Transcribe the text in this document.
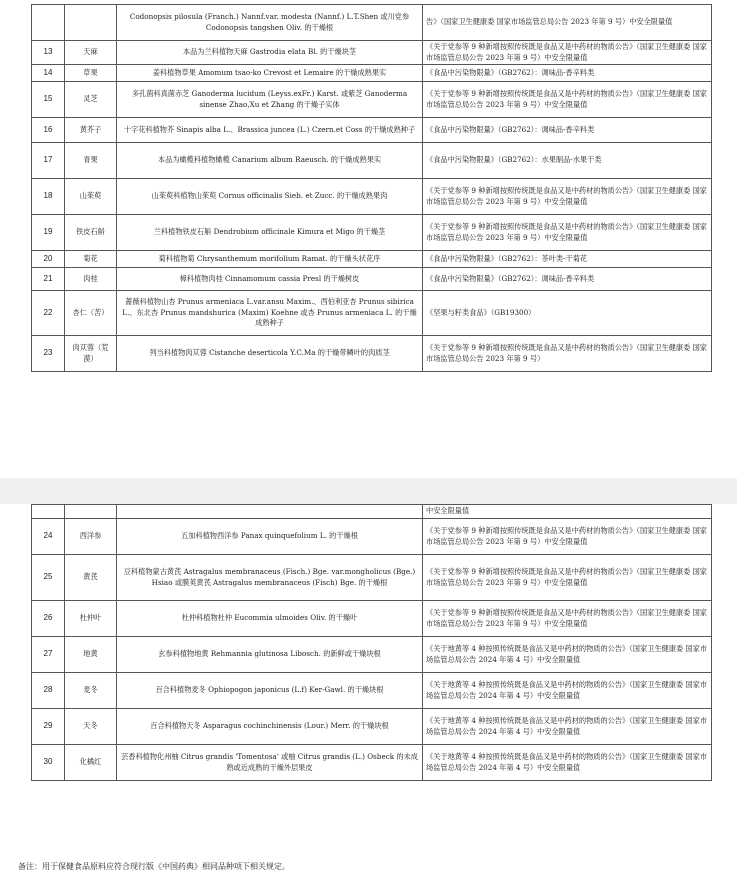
		Codonopsis pilosula (Franch.) Nannf.var. modesta (Nannf.) L.T.Shen 或川党参 Codonopsis tangshen Oliv. 的干燥根	告》（国家卫生健康委 国家市场监管总局公告 2023 年第 9 号）中安全限量值
13	天麻	本品为兰科植物天麻 Gastrodia elata Bl. 的干燥块茎	《关于党参等 9 种新增按照传统既是食品又是中药材的物质公告》（国家卫生健康委 国家市场监管总局公告 2023 年第 9 号）中安全限量值
14	草果	姜科植物草果 Amomum tsao-ko Crevost et Lemaire 的干燥成熟果实	《食品中污染物限量》（GB2762）：调味品-香辛料类
15	灵芝	多孔菌科真菌赤芝 Ganoderma lucidum (Leyss.exFr.) Karst. 或紫芝 Ganoderma sinense Zhao,Xu et Zhang 的干燥子实体	《关于党参等 9 种新增按照传统既是食品又是中药材的物质公告》（国家卫生健康委 国家市场监管总局公告 2023 年第 9 号）中安全限量值
16	黄芥子	十字花科植物芥 Sinapis alba L.、Brassica juncea (L.) Czern.et Coss 的干燥成熟种子	《食品中污染物限量》（GB2762）：调味品-香辛料类
17	青果	本品为橄榄科植物橄榄 Canarium album Raeusch. 的干燥成熟果实	《食品中污染物限量》（GB2762）：水果制品-水果干类
18	山茱萸	山茱萸科植物山茱萸 Cornus officinalis Sieb. et Zucc. 的干燥成熟果肉	《关于党参等 9 种新增按照传统既是食品又是中药材的物质公告》（国家卫生健康委 国家市场监管总局公告 2023 年第 9 号）中安全限量值
19	铁皮石斛	兰科植物铁皮石斛 Dendrobium officinale Kimura et Migo 的干燥茎	《关于党参等 9 种新增按照传统既是食品又是中药材的物质公告》（国家卫生健康委 国家市场监管总局公告 2023 年第 9 号）中安全限量值
20	菊花	菊科植物菊 Chrysanthemum morifolium Ramat. 的干燥头状花序	《食品中污染物限量》（GB2762）：茶叶类-干菊花
21	肉桂	樟科植物肉桂 Cinnamomum cassia Presl 的干燥树皮	《食品中污染物限量》（GB2762）：调味品-香辛料类
22	杏仁（苦）	蔷薇科植物山杏 Prunus armeniaca L.var.ansu Maxim.、西伯利亚杏 Prunus sibirica L.、东北杏 Prunus mandshurica (Maxim) Koehne 或杏 Prunus armeniaca L. 的干燥成熟种子	《坚果与籽类食品》（GB19300）
23	肉苁蓉（荒漠）	列当科植物肉苁蓉 Cistanche deserticola Y.C.Ma 的干燥带鳞叶的肉质茎	《关于党参等 9 种新增按照传统既是食品又是中药材的物质公告》（国家卫生健康委 国家市场监管总局公告 2023 年第 9 号）
			中安全限量值
24	西洋参	五加科植物西洋参 Panax quinquefolium L. 的干燥根	《关于党参等 9 种新增按照传统既是食品又是中药材的物质公告》（国家卫生健康委 国家市场监管总局公告 2023 年第 9 号）中安全限量值
25	黄芪	豆科植物蒙古黄芪 Astragalus membranaceus (Fisch.) Bge. var.mongholicus (Bge.) Hsiao 或膜荚黄芪 Astragalus membranaceus (Fisch) Bge. 的干燥根	《关于党参等 9 种新增按照传统既是食品又是中药材的物质公告》（国家卫生健康委 国家市场监管总局公告 2023 年第 9 号）中安全限量值
26	杜仲叶	杜仲科植物杜仲 Eucommia ulmoides Oliv. 的干燥叶	《关于党参等 9 种新增按照传统既是食品又是中药材的物质公告》（国家卫生健康委 国家市场监管总局公告 2023 年第 9 号）中安全限量值
27	地黄	玄参科植物地黄 Rehmannia glutinosa Libosch. 的新鲜或干燥块根	《关于地黄等 4 种按照传统既是食品又是中药材的物质的公告》（国家卫生健康委 国家市场监管总局公告 2024 年第 4 号）中安全限量值
28	麦冬	百合科植物麦冬 Ophiopogon japonicus (L.f) Ker-Gawl. 的干燥块根	《关于地黄等 4 种按照传统既是食品又是中药材的物质的公告》（国家卫生健康委 国家市场监管总局公告 2024 年第 4 号）中安全限量值
29	天冬	百合科植物天冬 Asparagus cochinchinensis (Lour.) Merr. 的干燥块根	《关于地黄等 4 种按照传统既是食品又是中药材的物质的公告》（国家卫生健康委 国家市场监管总局公告 2024 年第 4 号）中安全限量值
30	化橘红	芸香科植物化州柚 Citrus grandis 'Tomentosa' 或柚 Citrus grandis (L.) Osbeck 的未成熟或近成熟的干燥外层果皮	《关于地黄等 4 种按照传统既是食品又是中药材的物质的公告》（国家卫生健康委 国家市场监管总局公告 2024 年第 4 号）中安全限量值
备注：用于保健食品原料应符合现行版《中国药典》相同品种项下相关规定。
